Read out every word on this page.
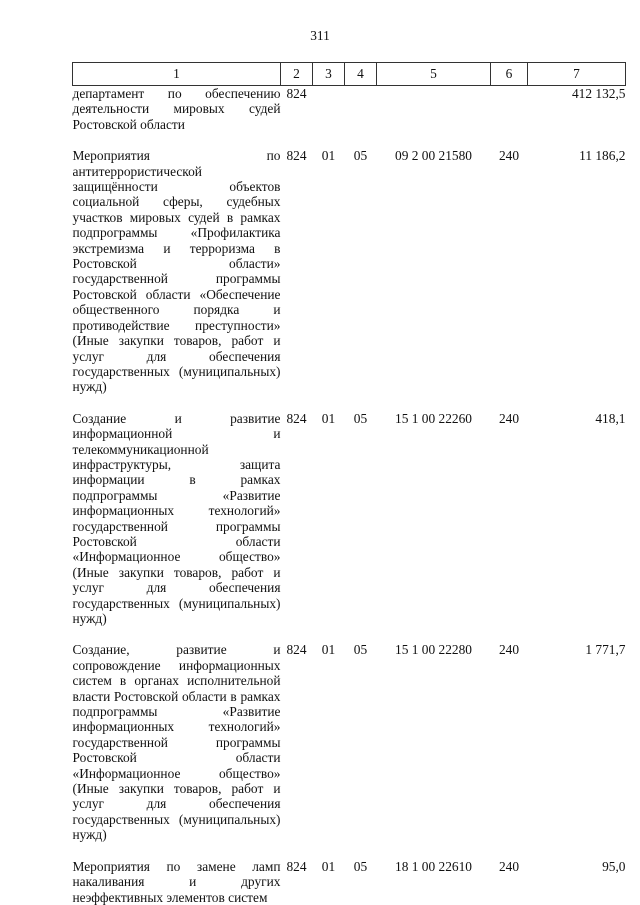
311
1	2	3	4	5	6	7
департамент по обеспечению деятельности мировых судей Ростовской области	824					412 132,5
Мероприятия по антитеррористической защищённости объектов социальной сферы, судебных участков мировых судей в рамках подпрограммы «Профилактика экстремизма и терроризма в Ростовской области» государственной программы Ростовской области «Обеспечение общественного порядка и противодействие преступности» (Иные закупки товаров, работ и услуг для обеспечения государственных (муниципальных) нужд)	824	01	05	09 2 00 21580	240	11 186,2
Создание и развитие информационной и телекоммуникационной инфраструктуры, защита информации в рамках подпрограммы «Развитие информационных технологий» государственной программы Ростовской области «Информационное общество» (Иные закупки товаров, работ и услуг для обеспечения государственных (муниципальных) нужд)	824	01	05	15 1 00 22260	240	418,1
Создание, развитие и сопровождение информационных систем в органах исполнительной власти Ростовской области в рамках подпрограммы «Развитие информационных технологий» государственной программы Ростовской области «Информационное общество» (Иные закупки товаров, работ и услуг для обеспечения государственных (муниципальных) нужд)	824	01	05	15 1 00 22280	240	1 771,7
Мероприятия по замене ламп накаливания и других неэффективных элементов систем	824	01	05	18 1 00 22610	240	95,0
